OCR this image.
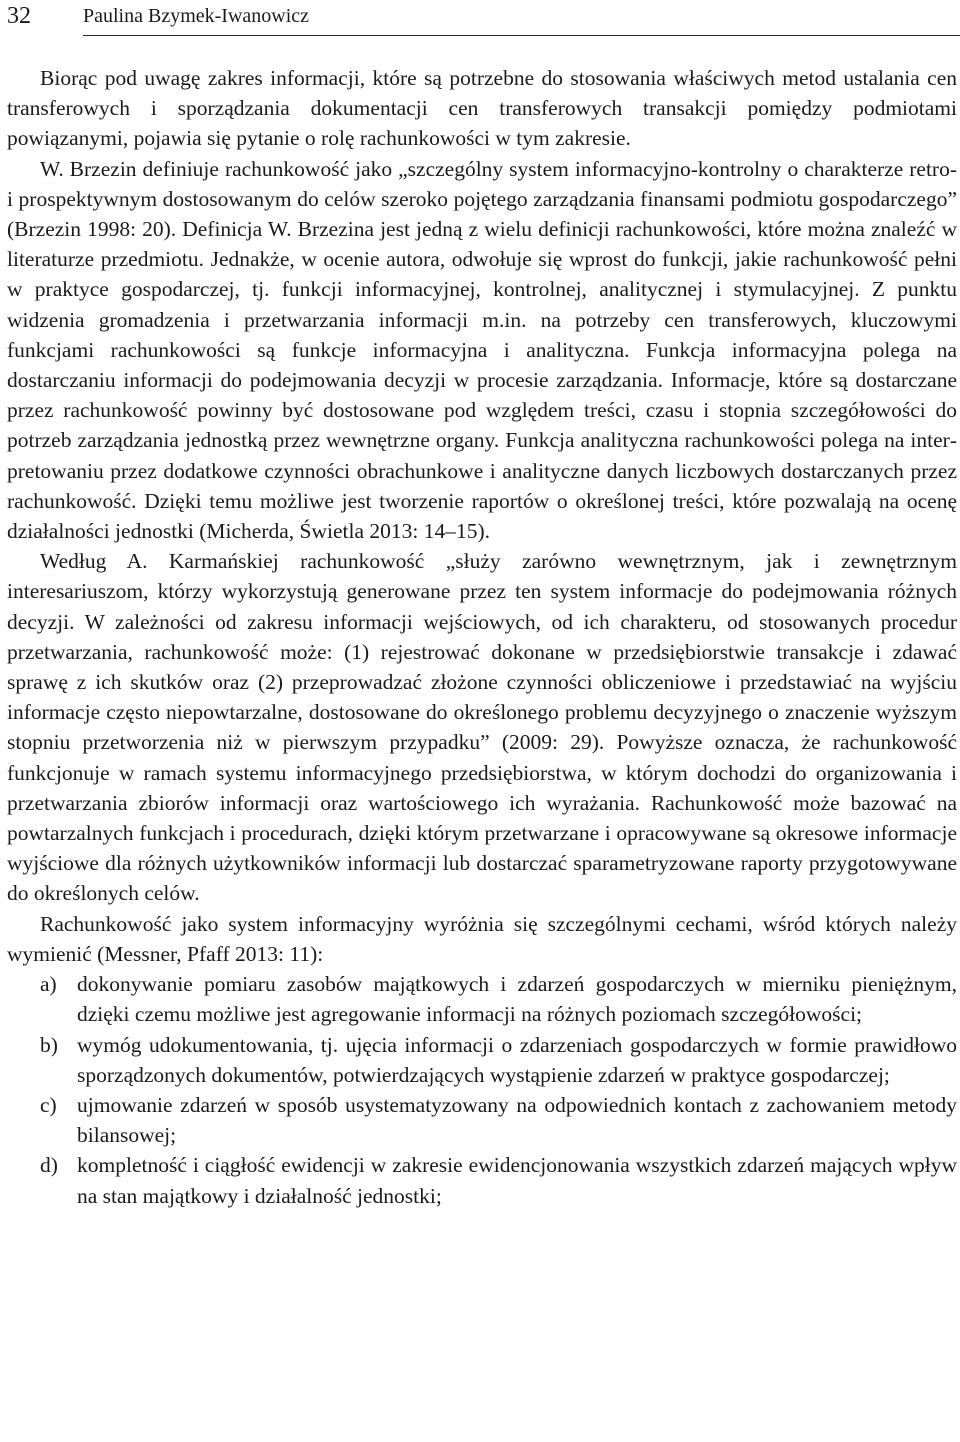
32	Paulina Bzymek-Iwanowicz

Biorąc pod uwagę zakres informacji, które są potrzebne do stosowania właściwych metod ustalania cen transferowych i sporządzania dokumentacji cen transferowych transakcji pomiędzy podmiotami powiązanymi, pojawia się pytanie o rolę rachunkowości w tym zakresie.

W. Brzezin definiuje rachunkowość jako „szczególny system informacyjno-kontrolny o charakterze retro- i prospektywnym dostosowanym do celów szeroko pojętego zarządzania finansami podmiotu gospodarczego” (Brzezin 1998: 20). Definicja W. Brzezina jest jedną z wielu definicji rachunkowości, które można znaleźć w literaturze przedmiotu. Jednakże, w ocenie autora, odwołuje się wprost do funkcji, jakie rachunkowość pełni w praktyce gospodarczej, tj. funkcji informacyjnej, kontrolnej, analitycznej i stymulacyjnej. Z punktu widzenia gromadzenia i przetwarzania informacji m.in. na potrzeby cen transferowych, kluczowymi funkcjami rachunkowości są funkcje informacyjna i analityczna. Funkcja informacyjna polega na dostarczaniu informacji do podejmowania decyzji w procesie zarządzania. Informacje, które są dostarczane przez rachunkowość powinny być dostosowane pod względem treści, czasu i stopnia szczegółowości do potrzeb zarządzania jednostką przez wewnętrzne organy. Funkcja analityczna rachunkowości polega na interpretowaniu przez dodatkowe czynności obrachunkowe i analityczne danych liczbowych dostarczanych przez rachunkowość. Dzięki temu możliwe jest tworzenie raportów o określonej treści, które pozwalają na ocenę działalności jednostki (Micherda, Świetla 2013: 14–15).

Według A. Karmańskiej rachunkowość „służy zarówno wewnętrznym, jak i zewnętrznym interesariuszom, którzy wykorzystują generowane przez ten system informacje do podejmowania różnych decyzji. W zależności od zakresu informacji wejściowych, od ich charakteru, od stosowanych procedur przetwarzania, rachunkowość może: (1) rejestrować dokonane w przedsiębiorstwie transakcje i zdawać sprawę z ich skutków oraz (2) przeprowadzać złożone czynności obliczeniowe i przedstawiać na wyjściu informacje często niepowtarzalne, dostosowane do określonego problemu decyzyjnego o znaczenie wyższym stopniu przetworzenia niż w pierwszym przypadku” (2009: 29). Powyższe oznacza, że rachunkowość funkcjonuje w ramach systemu informacyjnego przedsiębiorstwa, w którym dochodzi do organizowania i przetwarzania zbiorów informacji oraz wartościowego ich wyrażania. Rachunkowość może bazować na powtarzalnych funkcjach i procedurach, dzięki którym przetwarzane i opracowywane są okresowe informacje wyjściowe dla różnych użytkowników informacji lub dostarczać sparametryzowane raporty przygotowywane do określonych celów.

Rachunkowość jako system informacyjny wyróżnia się szczególnymi cechami, wśród których należy wymienić (Messner, Pfaff 2013: 11):

a) dokonywanie pomiaru zasobów majątkowych i zdarzeń gospodarczych w mierniku pieniężnym, dzięki czemu możliwe jest agregowanie informacji na różnych poziomach szczegółowości;
b) wymóg udokumentowania, tj. ujęcia informacji o zdarzeniach gospodarczych w formie prawidłowo sporządzonych dokumentów, potwierdzających wystąpienie zdarzeń w praktyce gospodarczej;
c) ujmowanie zdarzeń w sposób usystematyzowany na odpowiednich kontach z zachowaniem metody bilansowej;
d) kompletność i ciągłość ewidencji w zakresie ewidencjonowania wszystkich zdarzeń mających wpływ na stan majątkowy i działalność jednostki;
